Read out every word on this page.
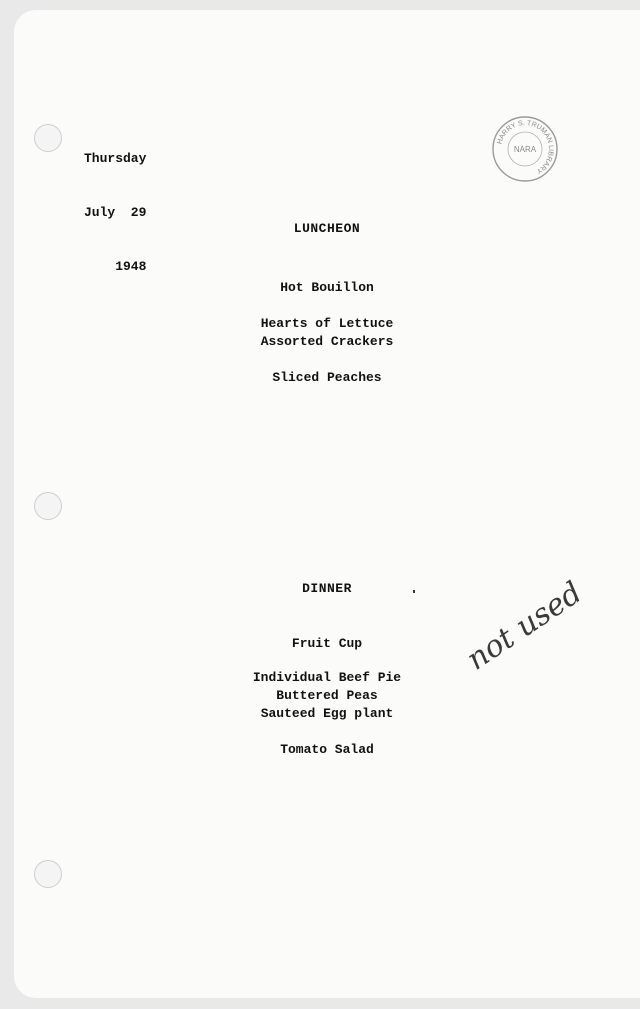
Thursday

July  29

1948

HARRY S. TRUMAN LIBRARY
NARA
LUNCHEON
Hot Bouillon
Hearts of Lettuce
Assorted Crackers
Sliced Peaches
DINNER
Fruit Cup
Individual Beef Pie
Buttered Peas
Sauteed Egg plant
Tomato Salad
not used
